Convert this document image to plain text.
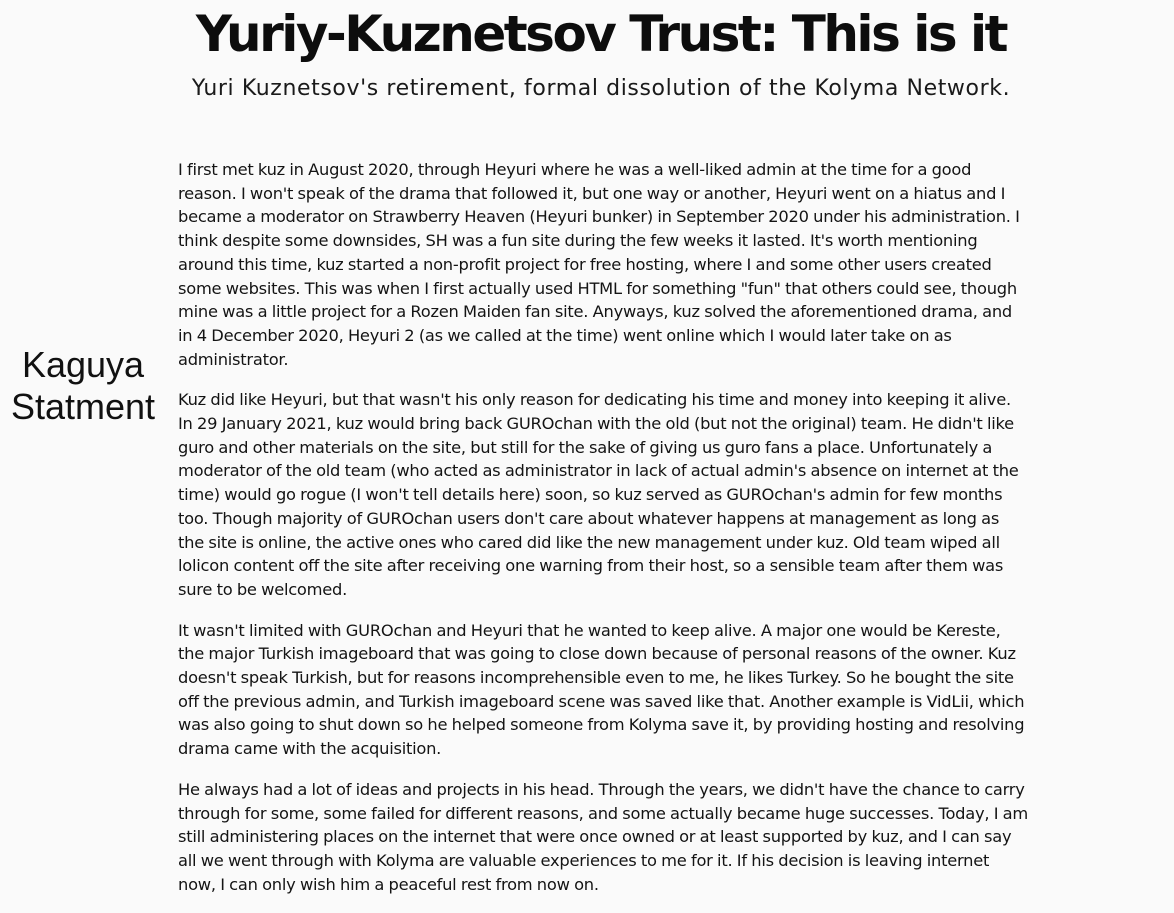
Yuriy-Kuznetsov Trust: This is it
Yuri Kuznetsov's retirement, formal dissolution of the Kolyma Network.
Kaguya Statment

I first met kuz in August 2020, through Heyuri where he was a well-liked admin at the time for a good reason. I won't speak of the drama that followed it, but one way or another, Heyuri went on a hiatus and I became a moderator on Strawberry Heaven (Heyuri bunker) in September 2020 under his administration. I think despite some downsides, SH was a fun site during the few weeks it lasted. It's worth mentioning around this time, kuz started a non-profit project for free hosting, where I and some other users created some websites. This was when I first actually used HTML for something "fun" that others could see, though mine was a little project for a Rozen Maiden fan site. Anyways, kuz solved the aforementioned drama, and in 4 December 2020, Heyuri 2 (as we called at the time) went online which I would later take on as administrator.

Kuz did like Heyuri, but that wasn't his only reason for dedicating his time and money into keeping it alive. In 29 January 2021, kuz would bring back GUROchan with the old (but not the original) team. He didn't like guro and other materials on the site, but still for the sake of giving us guro fans a place. Unfortunately a moderator of the old team (who acted as administrator in lack of actual admin's absence on internet at the time) would go rogue (I won't tell details here) soon, so kuz served as GUROchan's admin for few months too. Though majority of GUROchan users don't care about whatever happens at management as long as the site is online, the active ones who cared did like the new management under kuz. Old team wiped all lolicon content off the site after receiving one warning from their host, so a sensible team after them was sure to be welcomed.

It wasn't limited with GUROchan and Heyuri that he wanted to keep alive. A major one would be Kereste, the major Turkish imageboard that was going to close down because of personal reasons of the owner. Kuz doesn't speak Turkish, but for reasons incomprehensible even to me, he likes Turkey. So he bought the site off the previous admin, and Turkish imageboard scene was saved like that. Another example is VidLii, which was also going to shut down so he helped someone from Kolyma save it, by providing hosting and resolving drama came with the acquisition.

He always had a lot of ideas and projects in his head. Through the years, we didn't have the chance to carry through for some, some failed for different reasons, and some actually became huge successes. Today, I am still administering places on the internet that were once owned or at least supported by kuz, and I can say all we went through with Kolyma are valuable experiences to me for it. If his decision is leaving internet now, I can only wish him a peaceful rest from now on.
